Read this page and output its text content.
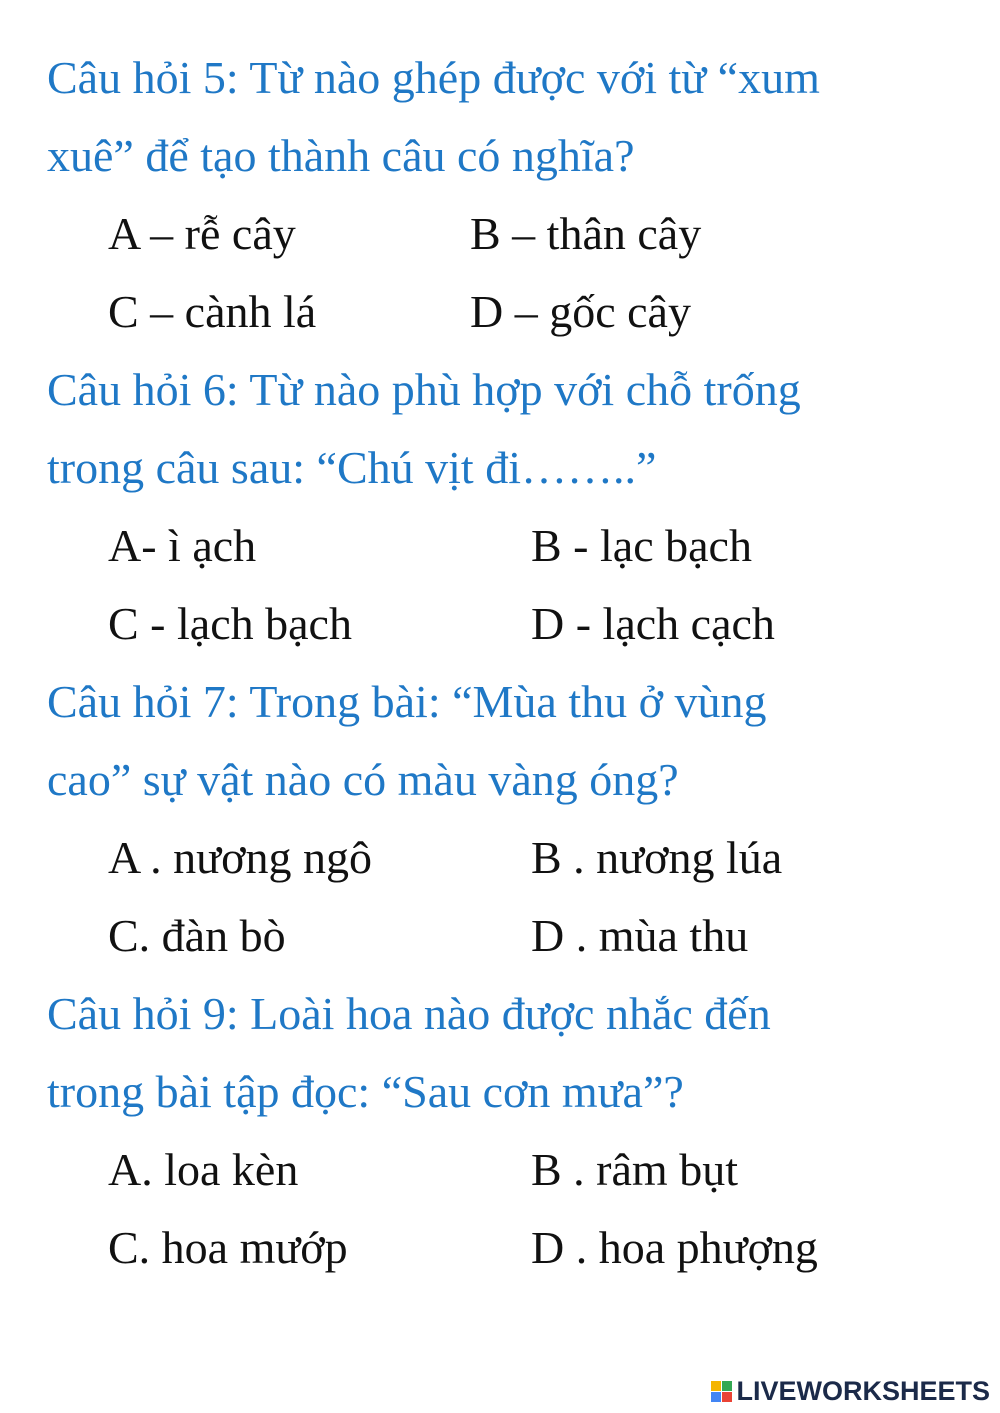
Câu hỏi 5: Từ nào ghép được với từ “xum
xuê” để tạo thành câu có nghĩa?
A – rễ cây	B – thân cây
C – cành lá	D – gốc cây
Câu hỏi 6: Từ nào phù hợp với chỗ trống
trong câu sau: “Chú vịt đi……..”
A- ì ạch	B - lạc bạch
C - lạch bạch	D - lạch cạch
Câu hỏi 7: Trong bài: “Mùa thu ở vùng
cao” sự vật nào có màu vàng óng?
A . nương ngô	B . nương lúa
C. đàn bò	D . mùa thu
Câu hỏi 9: Loài hoa nào được nhắc đến
trong bài tập đọc: “Sau cơn mưa”?
A. loa kèn	B . râm bụt
C. hoa mướp	D . hoa phượng
LIVEWORKSHEETS
